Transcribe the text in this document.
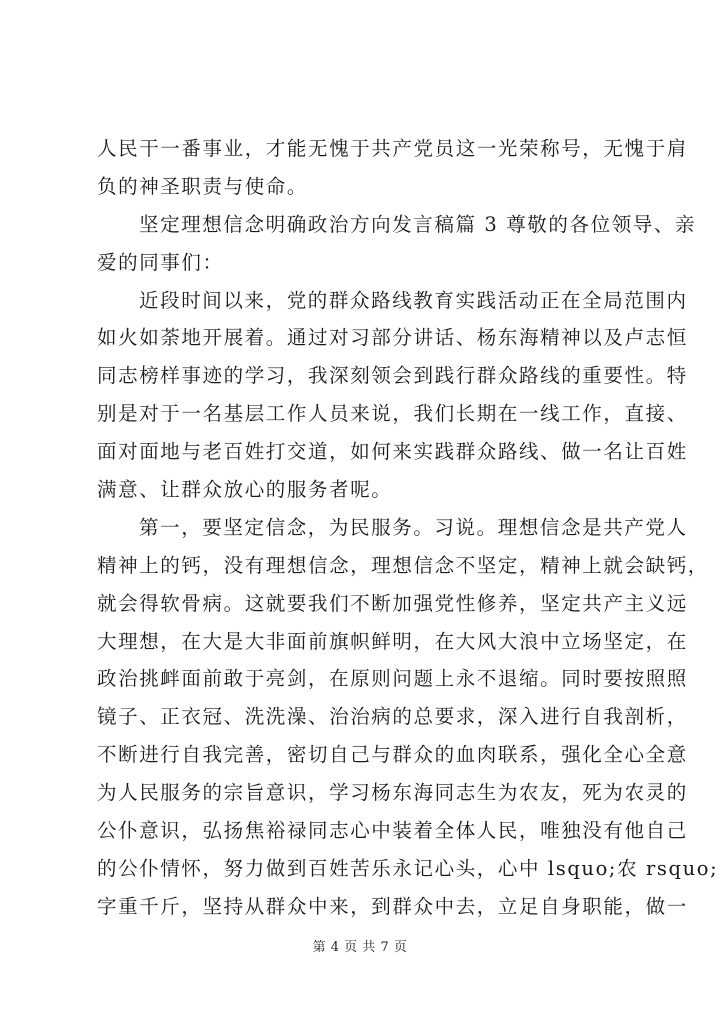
人民干一番事业，才能无愧于共产党员这一光荣称号，无愧于肩
负的神圣职责与使命。
坚定理想信念明确政治方向发言稿篇 3 尊敬的各位领导、亲
爱的同事们：
近段时间以来，党的群众路线教育实践活动正在全局范围内
如火如荼地开展着。通过对习部分讲话、杨东海精神以及卢志恒
同志榜样事迹的学习，我深刻领会到践行群众路线的重要性。特
别是对于一名基层工作人员来说，我们长期在一线工作，直接、
面对面地与老百姓打交道，如何来实践群众路线、做一名让百姓
满意、让群众放心的服务者呢。
第一，要坚定信念，为民服务。习说。理想信念是共产党人
精神上的钙，没有理想信念，理想信念不坚定，精神上就会缺钙，
就会得软骨病。这就要我们不断加强党性修养，坚定共产主义远
大理想，在大是大非面前旗帜鲜明，在大风大浪中立场坚定，在
政治挑衅面前敢于亮剑，在原则问题上永不退缩。同时要按照照
镜子、正衣冠、洗洗澡、治治病的总要求，深入进行自我剖析，
不断进行自我完善，密切自己与群众的血肉联系，强化全心全意
为人民服务的宗旨意识，学习杨东海同志生为农友，死为农灵的
公仆意识，弘扬焦裕禄同志心中装着全体人民，唯独没有他自己
的公仆情怀，努力做到百姓苦乐永记心头，心中 lsquo;农 rsquo;
字重千斤，坚持从群众中来，到群众中去，立足自身职能，做一
第 4 页 共 7 页
